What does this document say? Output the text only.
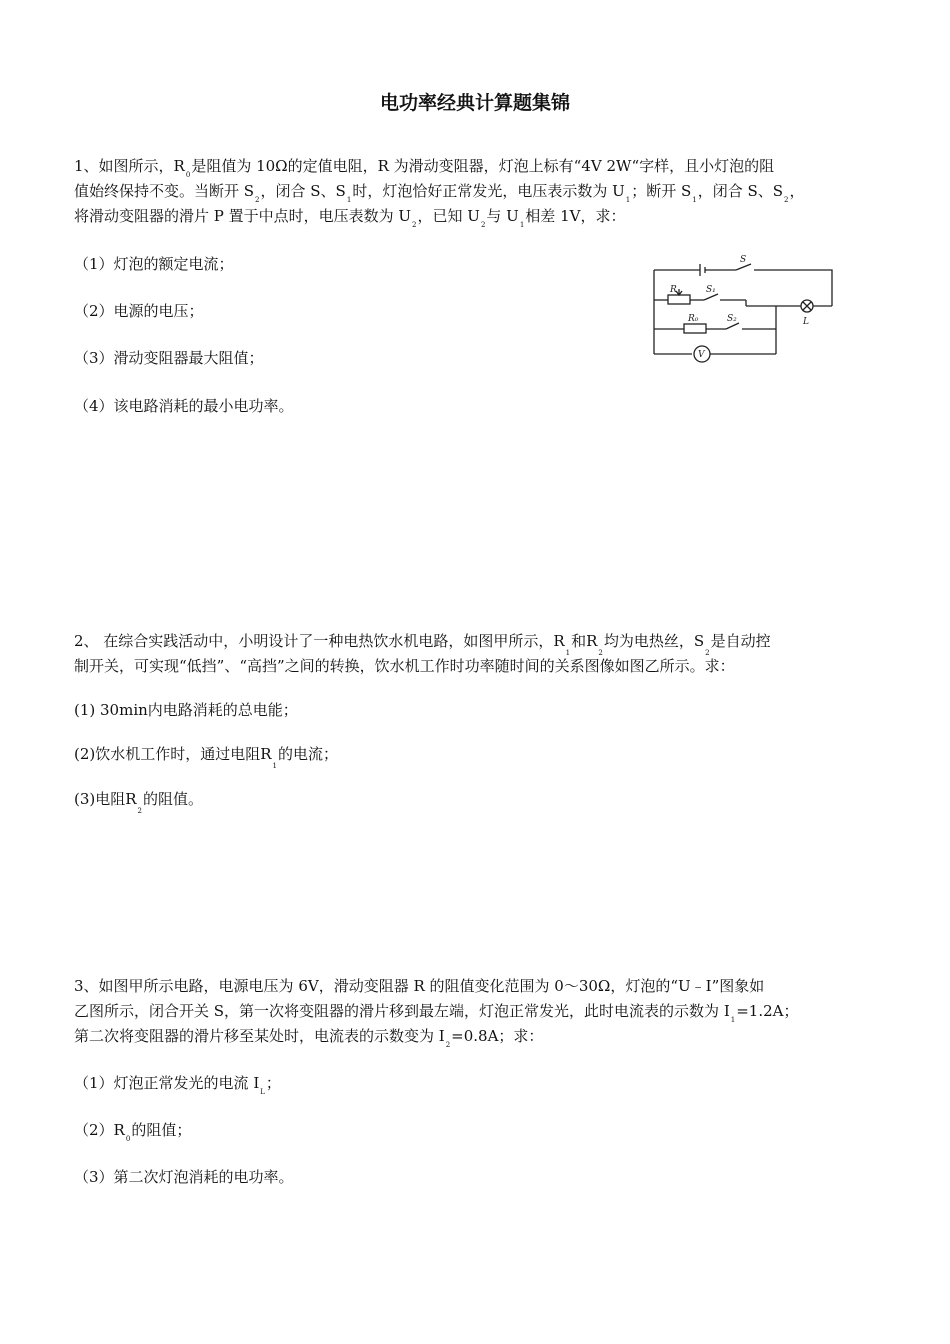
电功率经典计算题集锦
1、如图所示，$R_0$是阻值为 10Ω的定值电阻，R 为滑动变阻器，灯泡上标有“4V 2W“字样，且小灯泡的阻
值始终保持不变。当断开 $S_2$，闭合 S、$S_1$时，灯泡恰好正常发光，电压表示数为 $U_1$；断开 $S_1$，闭合 S、$S_2$，
将滑动变阻器的滑片 P 置于中点时，电压表数为 $U_2$，已知 $U_2$与 $U_1$相差 1V，求：
（1）灯泡的额定电流；
（2）电源的电压；
（3）滑动变阻器最大阻值；
（4）该电路消耗的最小电功率。
S
R	S₁
R₀	S₂	L
V
2、 在综合实践活动中，小明设计了一种电热饮水机电路，如图甲所示，$R_1$和$R_2$均为电热丝，$S_2$是自动控
制开关，可实现“低挡”、“高挡”之间的转换，饮水机工作时功率随时间的关系图像如图乙所示。求：
(1) 30min内电路消耗的总电能；
(2)饮水机工作时，通过电阻$R_1$的电流；
(3)电阻$R_2$的阻值。
3、如图甲所示电路，电源电压为 6V，滑动变阻器 R 的阻值变化范围为 0～30Ω，灯泡的“U﹣I”图象如
乙图所示，闭合开关 S，第一次将变阻器的滑片移到最左端，灯泡正常发光，此时电流表的示数为 $I_1=1.2A$；
第二次将变阻器的滑片移至某处时，电流表的示数变为 $I_2=0.8A$；求：
（1）灯泡正常发光的电流 $I_L$；
$(2)R_0$的阻值；
（3）第二次灯泡消耗的电功率。
